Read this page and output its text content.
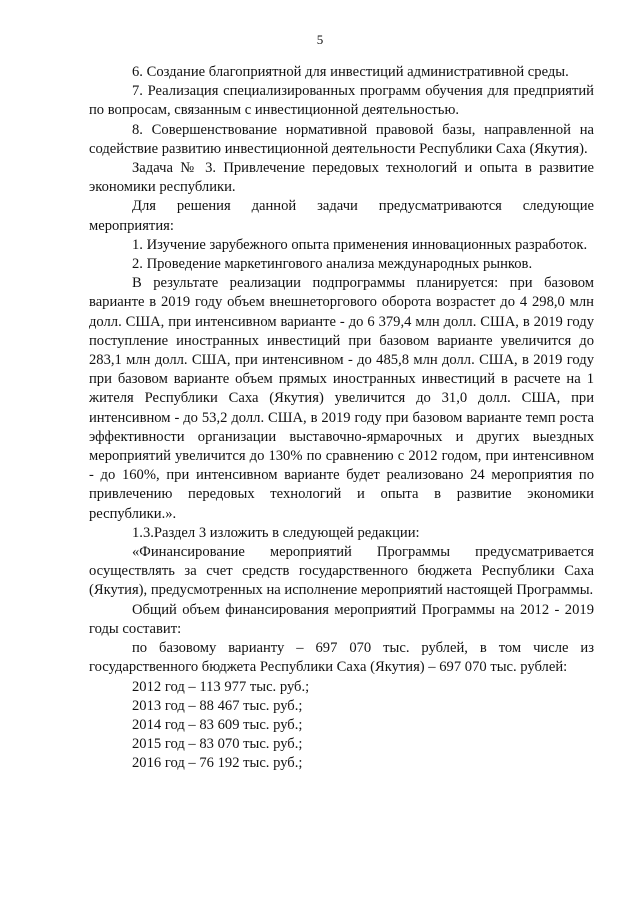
5

6. Создание благоприятной для инвестиций административной среды.

7. Реализация специализированных программ обучения для предприятий по вопросам, связанным с инвестиционной деятельностью.

8. Совершенствование нормативной правовой базы, направленной на содействие развитию инвестиционной деятельности Республики Саха (Якутия).

Задача № 3. Привлечение передовых технологий и опыта в развитие экономики республики.

Для решения данной задачи предусматриваются следующие мероприятия:

1. Изучение зарубежного опыта применения инновационных разработок.

2. Проведение маркетингового анализа международных рынков.

В результате реализации подпрограммы планируется: при базовом варианте в 2019 году объем внешнеторгового оборота возрастет до 4 298,0 млн долл. США, при интенсивном варианте - до 6 379,4 млн долл. США, в 2019 году поступление иностранных инвестиций при базовом варианте увеличится до 283,1 млн долл. США, при интенсивном - до 485,8 млн долл. США, в 2019 году при базовом варианте объем прямых иностранных инвестиций в расчете на 1 жителя Республики Саха (Якутия) увеличится до 31,0 долл. США, при интенсивном - до 53,2 долл. США, в 2019 году при базовом варианте темп роста эффективности организации выставочно-ярмарочных и других выездных мероприятий увеличится до 130% по сравнению с 2012 годом, при интенсивном - до 160%, при интенсивном варианте будет реализовано 24 мероприятия по привлечению передовых технологий и опыта в развитие экономики республики.».

1.3.Раздел 3 изложить в следующей редакции:

«Финансирование мероприятий Программы предусматривается осуществлять за счет средств государственного бюджета Республики Саха (Якутия), предусмотренных на исполнение мероприятий настоящей Программы.

Общий объем финансирования мероприятий Программы на 2012 - 2019 годы составит:

по базовому варианту – 697 070 тыс. рублей, в том числе из государственного бюджета Республики Саха (Якутия) – 697 070 тыс. рублей:

2012 год – 113 977 тыс. руб.;

2013 год – 88 467 тыс. руб.;

2014 год – 83 609 тыс. руб.;

2015 год – 83 070 тыс. руб.;

2016 год – 76 192 тыс. руб.;
